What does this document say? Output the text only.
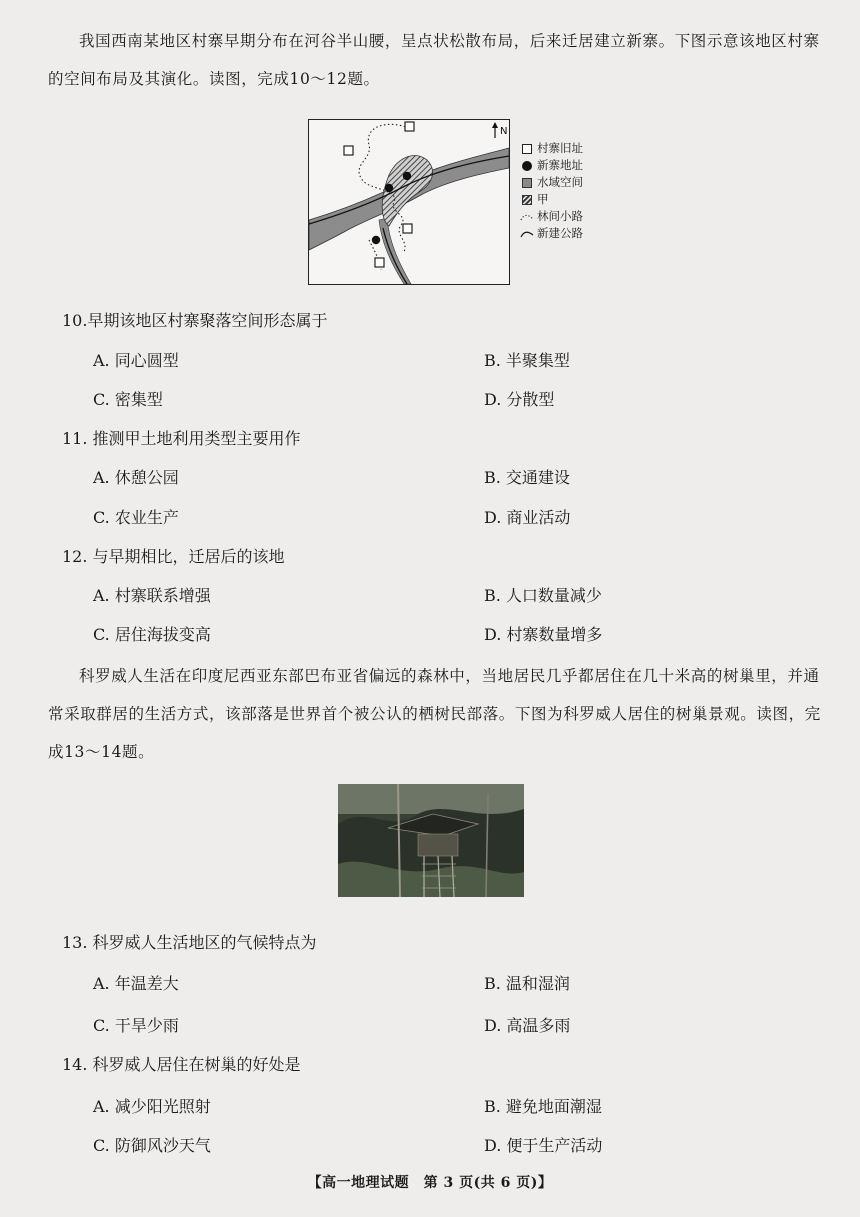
我国西南某地区村寨早期分布在河谷半山腰，呈点状松散布局，后来迁居建立新寨。下图示意该地区村寨的空间布局及其演化。读图，完成10～12题。

N
村寨旧址
新寨地址
水域空间
甲
林间小路
新建公路

10.早期该地区村寨聚落空间形态属于

A. 同心圆型	B. 半聚集型

C. 密集型	D. 分散型

11. 推测甲土地利用类型主要用作

A. 休憩公园	B. 交通建设

C. 农业生产	D. 商业活动

12. 与早期相比，迁居后的该地

A. 村寨联系增强	B. 人口数量减少

C. 居住海拔变高	D. 村寨数量增多

科罗威人生活在印度尼西亚东部巴布亚省偏远的森林中，当地居民几乎都居住在几十米高的树巢里，并通常采取群居的生活方式，该部落是世界首个被公认的栖树民部落。下图为科罗威人居住的树巢景观。读图，完成13～14题。

13. 科罗威人生活地区的气候特点为

A. 年温差大	B. 温和湿润

C. 干旱少雨	D. 高温多雨

14. 科罗威人居住在树巢的好处是

A. 减少阳光照射	B. 避免地面潮湿

C. 防御风沙天气	D. 便于生产活动

【高一地理试题　第 3 页(共 6 页)】
